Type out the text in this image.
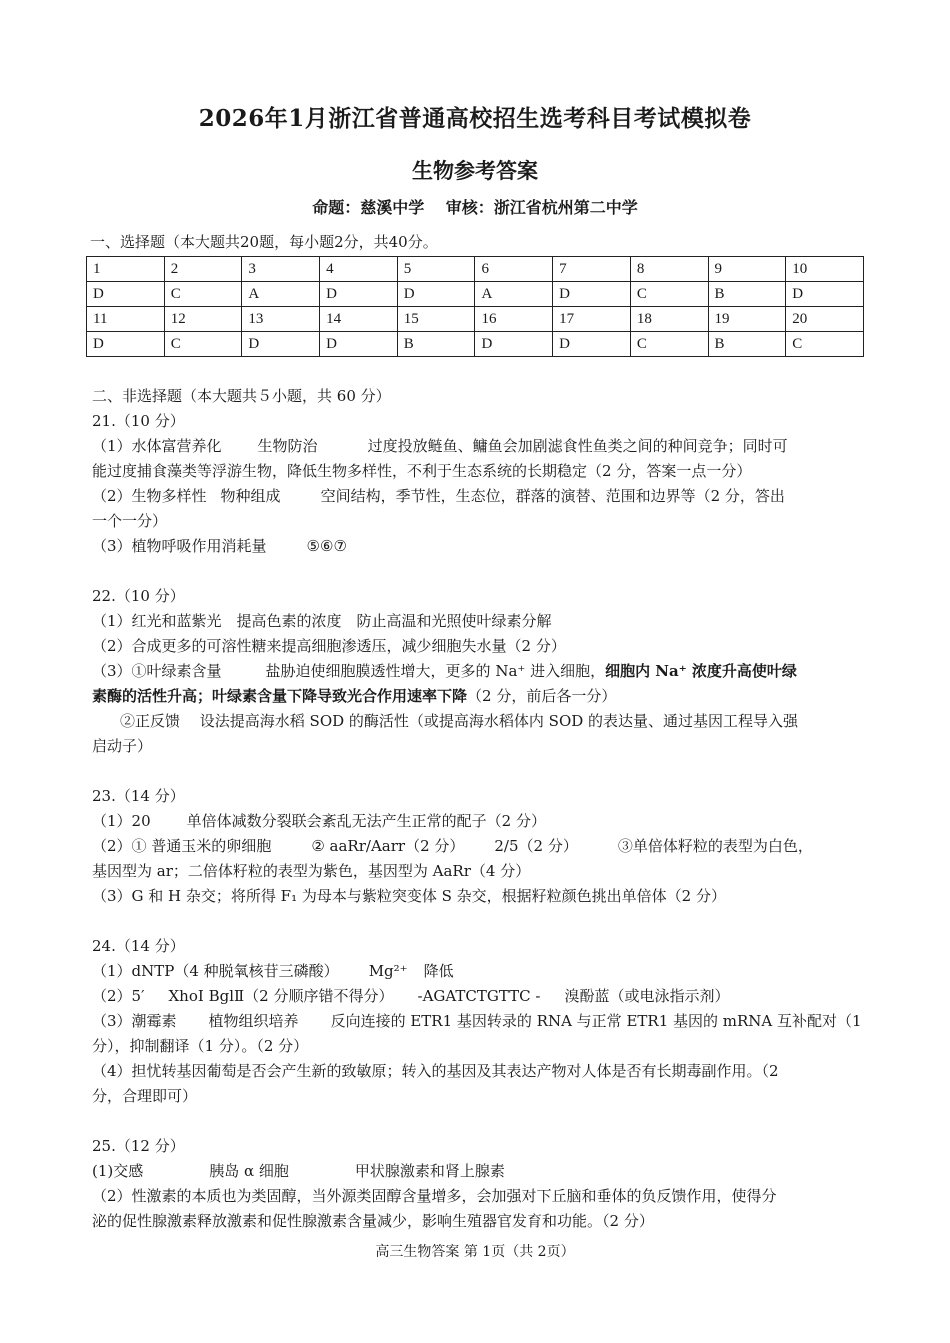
2026年1月浙江省普通高校招生选考科目考试模拟卷
生物参考答案
命题：慈溪中学 审核：浙江省杭州第二中学
一、选择题（本大题共20题，每小题2分，共40分。
1	2	3	4	5	6	7	8	9	10
D	C	A	D	D	A	D	C	B	D
11	12	13	14	15	16	17	18	19	20
D	C	D	D	B	D	D	C	B	C

二、非选择题（本大题共５小题，共 60 分）

21.（10 分）

（1）水体富营养化 生物防治	过度投放鲢鱼、鳙鱼会加剧滤食性鱼类之间的种间竞争；同时可

能过度捕食藻类等浮游生物，降低生物多样性，不利于生态系统的长期稳定（2 分，答案一点一分）

（2）生物多样性 物种组成	空间结构，季节性，生态位，群落的演替、范围和边界等（2 分，答出

一个一分）

（3）植物呼吸作用消耗量	⑤⑥⑦

22.（10 分）

（1）红光和蓝紫光　提高色素的浓度　防止高温和光照使叶绿素分解

（2）合成更多的可溶性糖来提高细胞渗透压，减少细胞失水量（2 分）

（3）①叶绿素含量	盐胁迫使细胞膜透性增大，更多的 Na⁺ 进入细胞，细胞内 Na⁺ 浓度升高使叶绿

素酶的活性升高；叶绿素含量下降导致光合作用速率下降（2 分，前后各一分）

②正反馈　 设法提高海水稻 SOD 的酶活性（或提高海水稻体内 SOD 的表达量、通过基因工程导入强

启动子）

23.（14 分）

（1）20 单倍体减数分裂联会紊乱无法产生正常的配子（2 分）

（2）① 普通玉米的卵细胞	② aaRr/Aarr（2 分） 2/5（2 分）	③单倍体籽粒的表型为白色，

基因型为 ar；二倍体籽粒的表型为紫色，基因型为 AaRr（4 分）

（3）G 和 H 杂交；将所得 F₁ 为母本与紫粒突变体 S 杂交，根据籽粒颜色挑出单倍体（2 分）

24.（14 分）

（1）dNTP（4 种脱氧核苷三磷酸） Mg²⁺ 降低

（2）5′ XhoⅠ BglⅡ（2 分顺序错不得分） -AGATCTGTTC - 溴酚蓝（或电泳指示剂）

（3）潮霉素 植物组织培养 反向连接的 ETR1 基因转录的 RNA 与正常 ETR1 基因的 mRNA 互补配对（1

分），抑制翻译（1 分）。（2 分）

（4）担忧转基因葡萄是否会产生新的致敏原；转入的基因及其表达产物对人体是否有长期毒副作用。（2

分，合理即可）

25.（12 分）

(1)交感	胰岛 α 细胞	甲状腺激素和肾上腺素

（2）性激素的本质也为类固醇，当外源类固醇含量增多，会加强对下丘脑和垂体的负反馈作用，使得分

泌的促性腺激素释放激素和促性腺激素含量减少，影响生殖器官发育和功能。（2 分）

高三生物答案 第 1页（共 2页）
